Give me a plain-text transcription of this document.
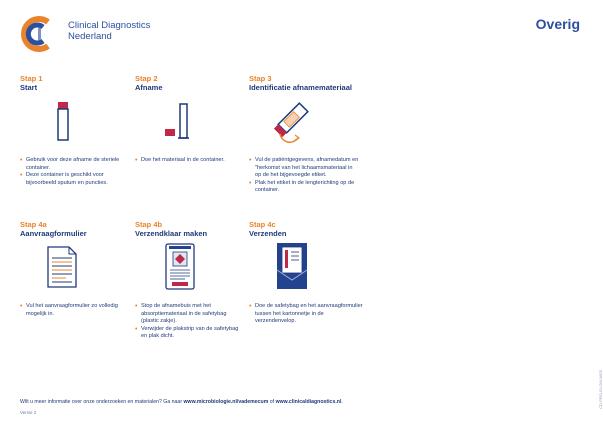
Clinical Diagnostics
Nederland
Overig
Stap 1
Start
• Gebruik voor deze afname de steriele container.
• Deze container is geschikt voor bijvoorbeeld sputum en puncties.
Stap 2
Afname
• Doe het materiaal in de container.
Stap 3
Identificatie afnamemateriaal
• Vul de patiëntgegevens, afnamedatum en "herkomst van het lichaamsmateriaal in op de het bijgevoegde etiket.
• Plak het etiket in de lengterichting op de container.
Stap 4a
Aanvraagformulier
• Vul het aanvraagformulier zo volledig mogelijk in.
Stap 4b
Verzendklaar maken
• Stop de afnamebuis met het absorptiemateriaal in de safetybag (plastic zakje).
• Verwijder de plakstrip van de safetybag en plak dicht.
Stap 4c
Verzenden
• Doe de safetybag en het aanvraagformulier tussen het kartonnetje in de verzendenvelop.
Wilt u meer informatie over onze onderzoeken en materialen? Ga naar www.microbiologie.nl/vademecum of www.clinicaldiagnostics.nl.
Versie 2
CD-PRO-EI-OM-0825
